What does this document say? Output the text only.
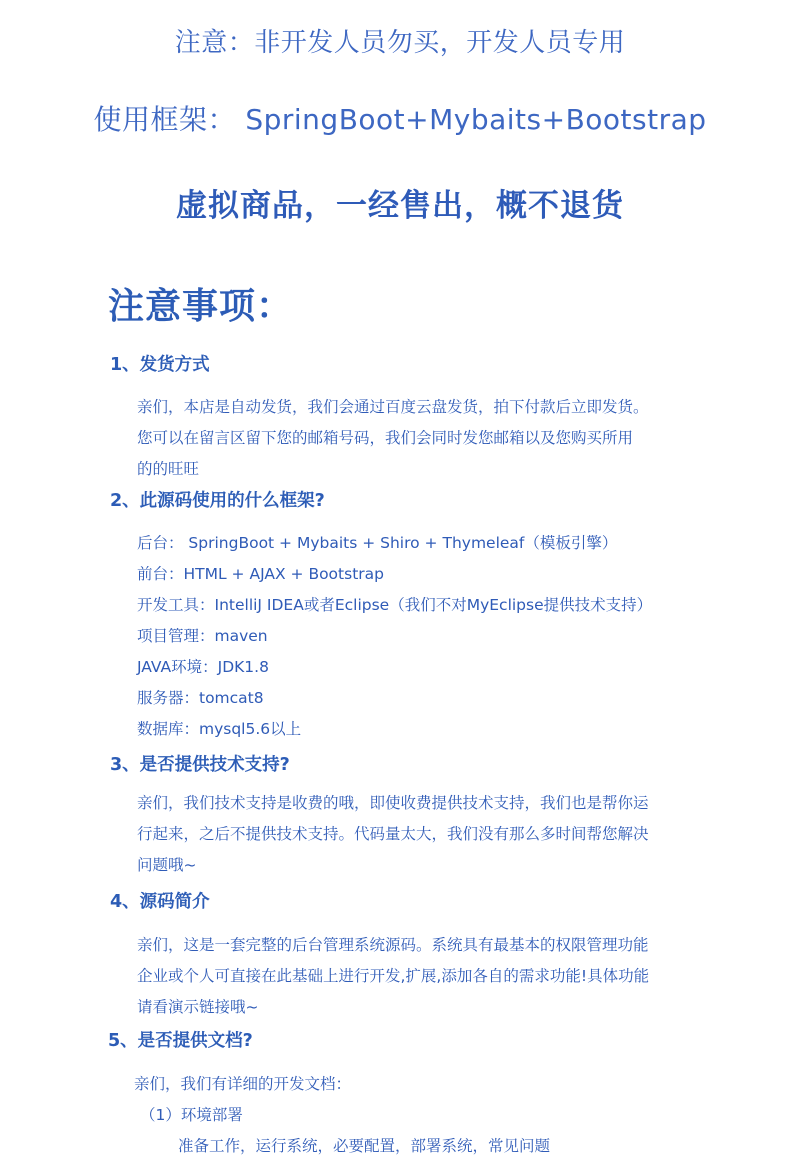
注意：非开发人员勿买，开发人员专用
使用框架： SpringBoot+Mybaits+Bootstrap
虚拟商品，一经售出，概不退货
注意事项：
1、发货方式
亲们，本店是自动发货，我们会通过百度云盘发货，拍下付款后立即发货。
您可以在留言区留下您的邮箱号码，我们会同时发您邮箱以及您购买所用
的的旺旺
2、此源码使用的什么框架?
后台： SpringBoot + Mybaits + Shiro + Thymeleaf（模板引擎）
前台：HTML + AJAX + Bootstrap
开发工具：IntelliJ IDEA或者Eclipse（我们不对MyEclipse提供技术支持）
项目管理：maven
JAVA环境：JDK1.8
服务器：tomcat8
数据库：mysql5.6以上
3、是否提供技术支持?
亲们，我们技术支持是收费的哦，即使收费提供技术支持，我们也是帮你运
行起来，之后不提供技术支持。代码量太大，我们没有那么多时间帮您解决
问题哦~
4、源码简介
亲们，这是一套完整的后台管理系统源码。系统具有最基本的权限管理功能
企业或个人可直接在此基础上进行开发,扩展,添加各自的需求功能!具体功能
请看演示链接哦~
5、是否提供文档?
亲们，我们有详细的开发文档：
（1）环境部署
准备工作，运行系统，必要配置，部署系统，常见问题
